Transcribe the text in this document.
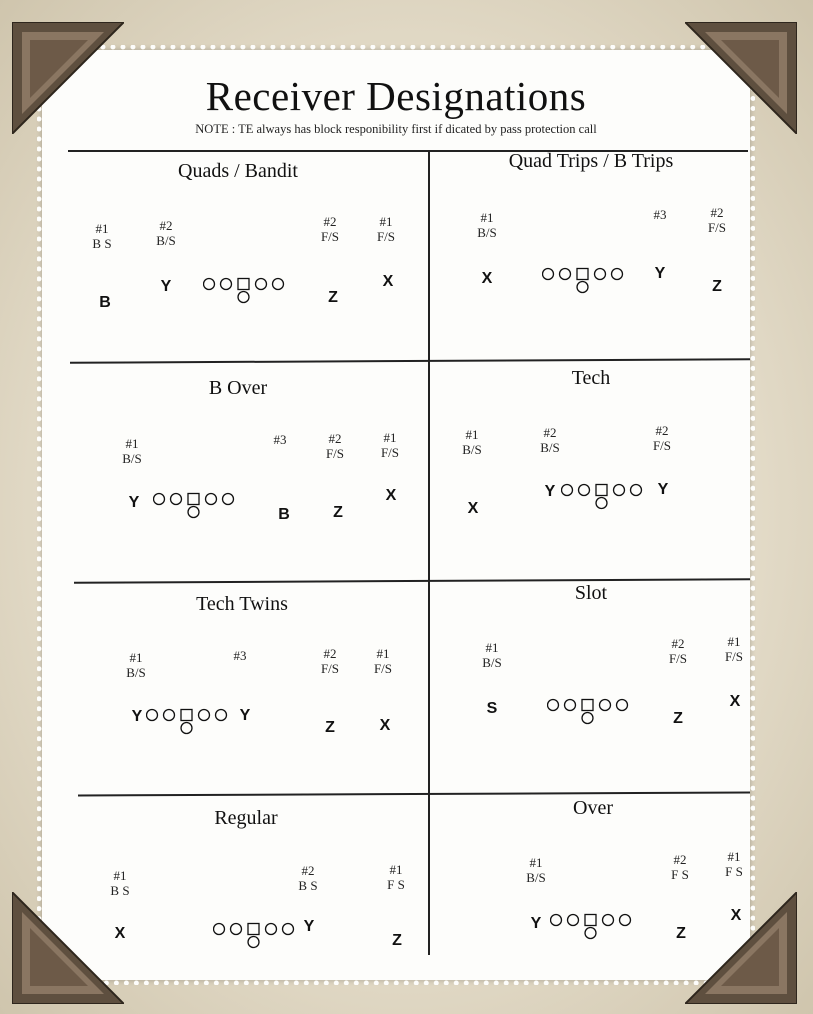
Receiver Designations
NOTE : TE always has block responibility first if dicated by pass protection call
Quads / Bandit
#1
B S
#2
B/S
#2
F/S
#1
F/S
B
Y
Z
X
Quad Trips / B Trips
#1
B/S
#3	#2
F/S
X	Y
Z
B Over
#1
B/S
#3	#2
F/S
#1
F/S
Y
B	Z
X
Tech
#1
B/S
#2
B/S
#2
F/S
X
Y	Y
Tech Twins
#1
B/S
#3	#2
F/S
#1
F/S
Y	Y
Z	X
Slot
#1
B/S
#2
F/S
#1
F/S
S
Z
X
Regular
#1
B S
#2
B S
#1
F S
X	Y
Z
Over
#1
B/S
#2
F S
#1
F S
Y
Z
X
